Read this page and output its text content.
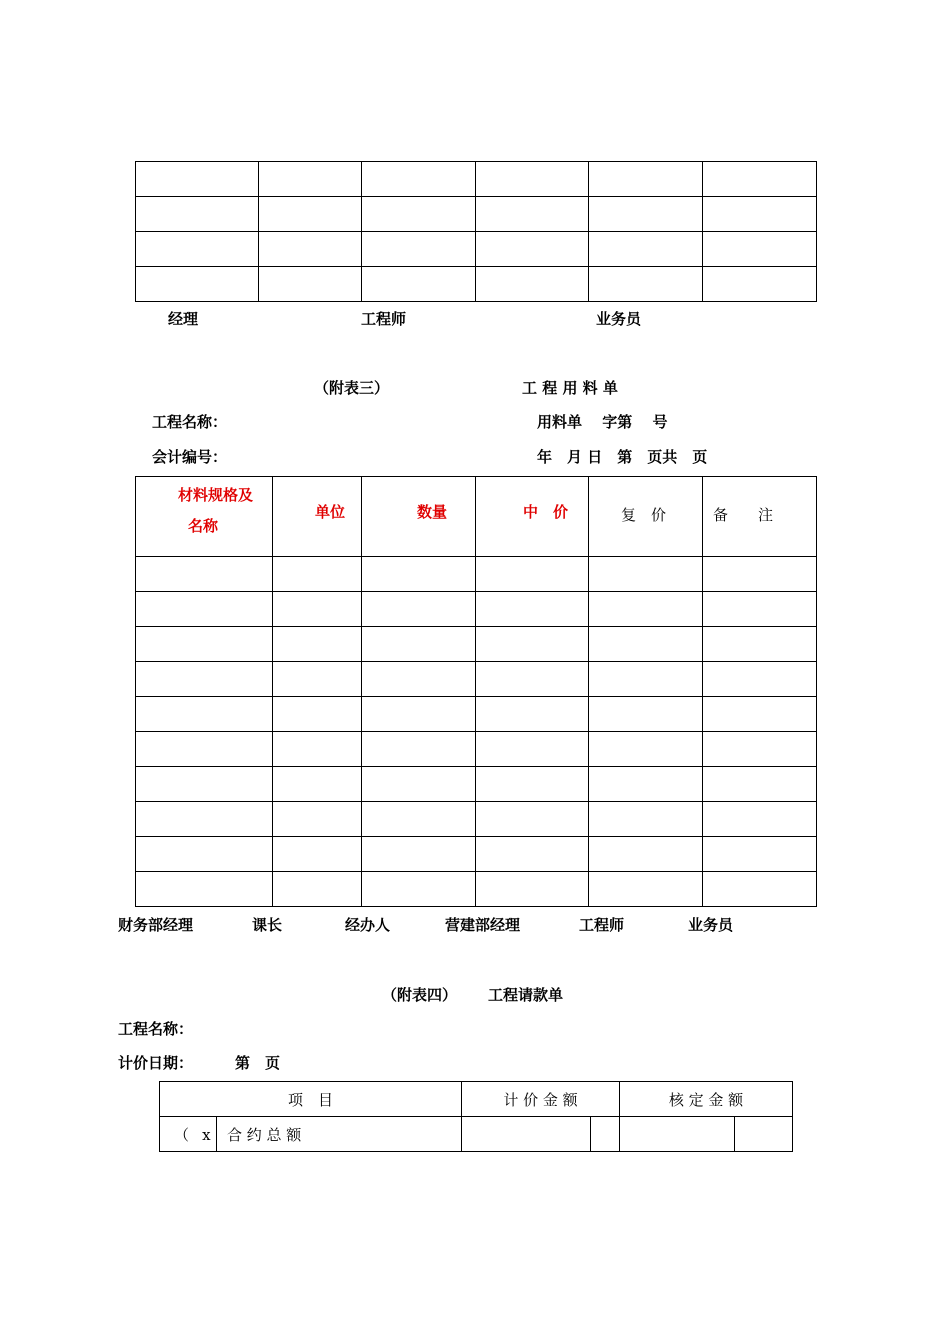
经理	工程师	业务员
（附表三）	工 程 用 料 单
工程名称：	用料单　 字第　 号
会计编号：	年　月 日　第　页共　页
材料规格及
名称	单位	数量	中　价	复　价	备　　注

财务部经理	课长	经办人	营建部经理	工程师	业务员
（附表四） 工程请款单
工程名称：
计价日期：	第　页
项　目		计 价 金 额		核 定 金 额	
（ x	合 约 总 额				
